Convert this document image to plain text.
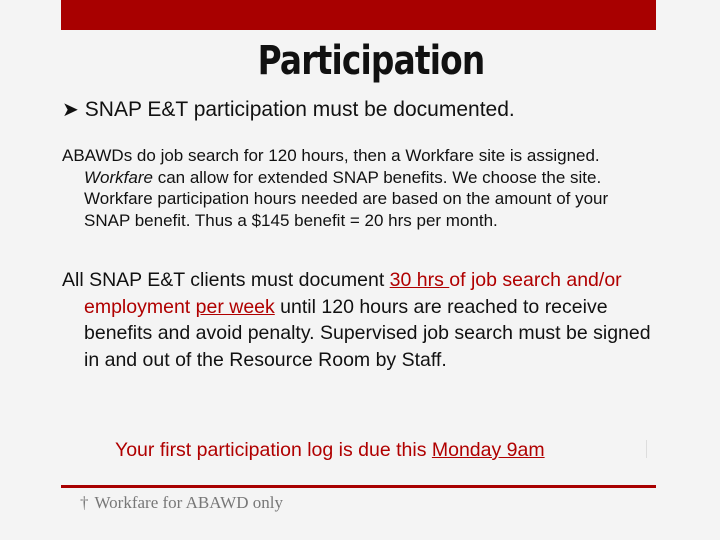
Participation
➤ SNAP E&T participation must be documented.

ABAWDs do job search for 120 hours, then a Workfare site is assigned. Workfare can allow for extended SNAP benefits. We choose the site. Workfare participation hours needed are based on the amount of your SNAP benefit. Thus a $145 benefit = 20 hrs per month.

All SNAP E&T clients must document 30 hrs of job search and/or employment per week until 120 hours are reached to receive benefits and avoid penalty. Supervised job search must be signed in and out of the Resource Room by Staff.

Your first participation log is due this Monday 9am
† Workfare for ABAWD only
